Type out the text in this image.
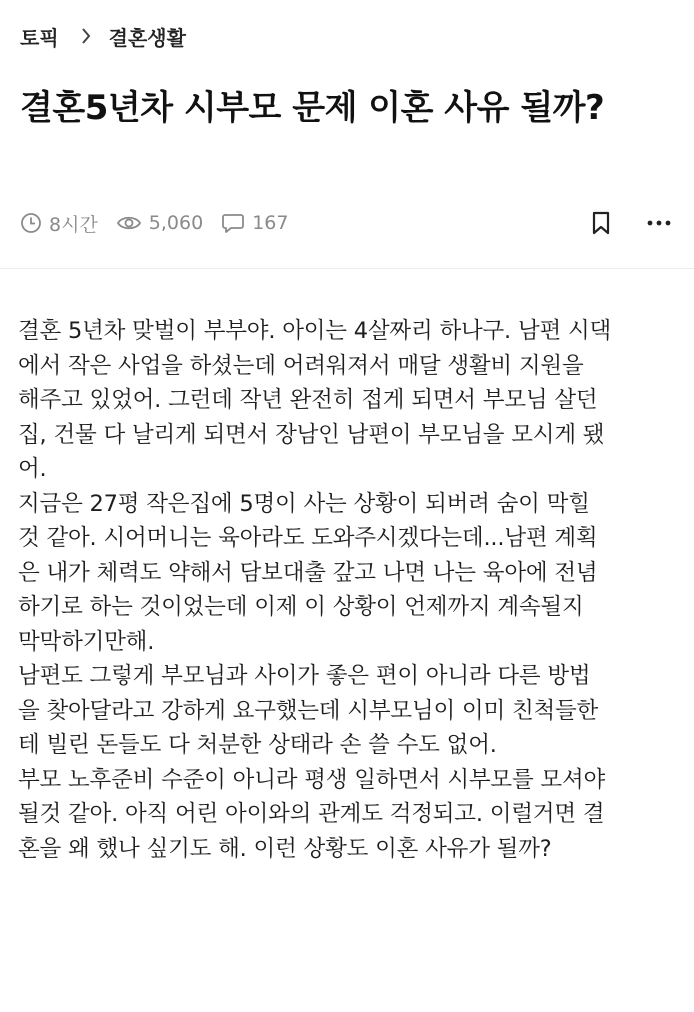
토픽	결혼생활
결혼5년차 시부모 문제 이혼 사유 될까?
8시간	5,060	167

결혼 5년차 맞벌이 부부야. 아이는 4살짜리 하나구. 남편 시댁

에서 작은 사업을 하셨는데 어려워져서 매달 생활비 지원을

해주고 있었어. 그런데 작년 완전히 접게 되면서 부모님 살던

집, 건물 다 날리게 되면서 장남인 남편이 부모님을 모시게 됐

어.

지금은 27평 작은집에 5명이 사는 상황이 되버려 숨이 막힐

것 같아. 시어머니는 육아라도 도와주시겠다는데...남편 계획

은 내가 체력도 약해서 담보대출 갚고 나면 나는 육아에 전념

하기로 하는 것이었는데 이제 이 상황이 언제까지 계속될지

막막하기만해.

남편도 그렇게 부모님과 사이가 좋은 편이 아니라 다른 방법

을 찾아달라고 강하게 요구했는데 시부모님이 이미 친척들한

테 빌린 돈들도 다 처분한 상태라 손 쓸 수도 없어.

부모 노후준비 수준이 아니라 평생 일하면서 시부모를 모셔야

될것 같아. 아직 어린 아이와의 관계도 걱정되고. 이럴거면 결

혼을 왜 했나 싶기도 해. 이런 상황도 이혼 사유가 될까?
